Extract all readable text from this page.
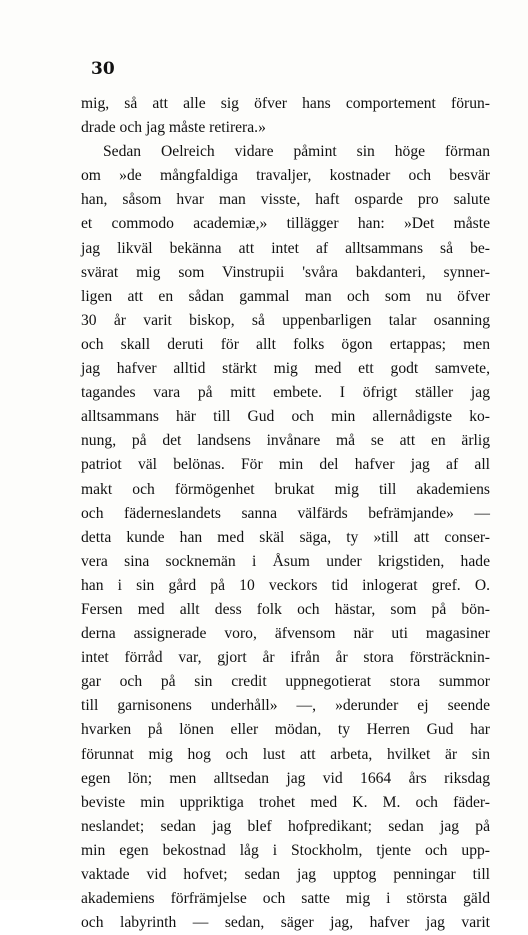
30
mig, så att alle sig öfver hans comportement förun-
drade och jag måste retirera.»
Sedan Oelreich vidare påmint sin höge förman
om »de mångfaldiga travaljer, kostnader och besvär
han, såsom hvar man visste, haft osparde pro salute
et commodo academiæ,» tillägger han: »Det måste
jag likväl bekänna att intet af alltsammans så be-
svärat mig som Vinstrupii 'svåra bakdanteri, synner-
ligen att en sådan gammal man och som nu öfver
30 år varit biskop, så uppenbarligen talar osanning
och skall deruti för allt folks ögon ertappas; men
jag hafver alltid stärkt mig med ett godt samvete,
tagandes vara på mitt embete. I öfrigt ställer jag
alltsammans här till Gud och min allernådigste ko-
nung, på det landsens invånare må se att en ärlig
patriot väl belönas. För min del hafver jag af all
makt och förmögenhet brukat mig till akademiens
och fäderneslandets sanna välfärds befrämjande» —
detta kunde han med skäl säga, ty »till att conser-
vera sina socknemän i Åsum under krigstiden, hade
han i sin gård på 10 veckors tid inlogerat gref. O.
Fersen med allt dess folk och hästar, som på bön-
derna assignerade voro, äfvensom när uti magasiner
intet förråd var, gjort år ifrån år stora försträcknin-
gar och på sin credit uppnegotierat stora summor
till garnisonens underhåll» —, »derunder ej seende
hvarken på lönen eller mödan, ty Herren Gud har
förunnat mig hog och lust att arbeta, hvilket är sin
egen lön; men alltsedan jag vid 1664 års riksdag
beviste min uppriktiga trohet med K. M. och fäder-
neslandet; sedan jag blef hofpredikant; sedan jag på
min egen bekostnad låg i Stockholm, tjente och upp-
vaktade vid hofvet; sedan jag upptog penningar till
akademiens förfrämjelse och satte mig i största gäld
och labyrinth — sedan, säger jag, hafver jag varit
